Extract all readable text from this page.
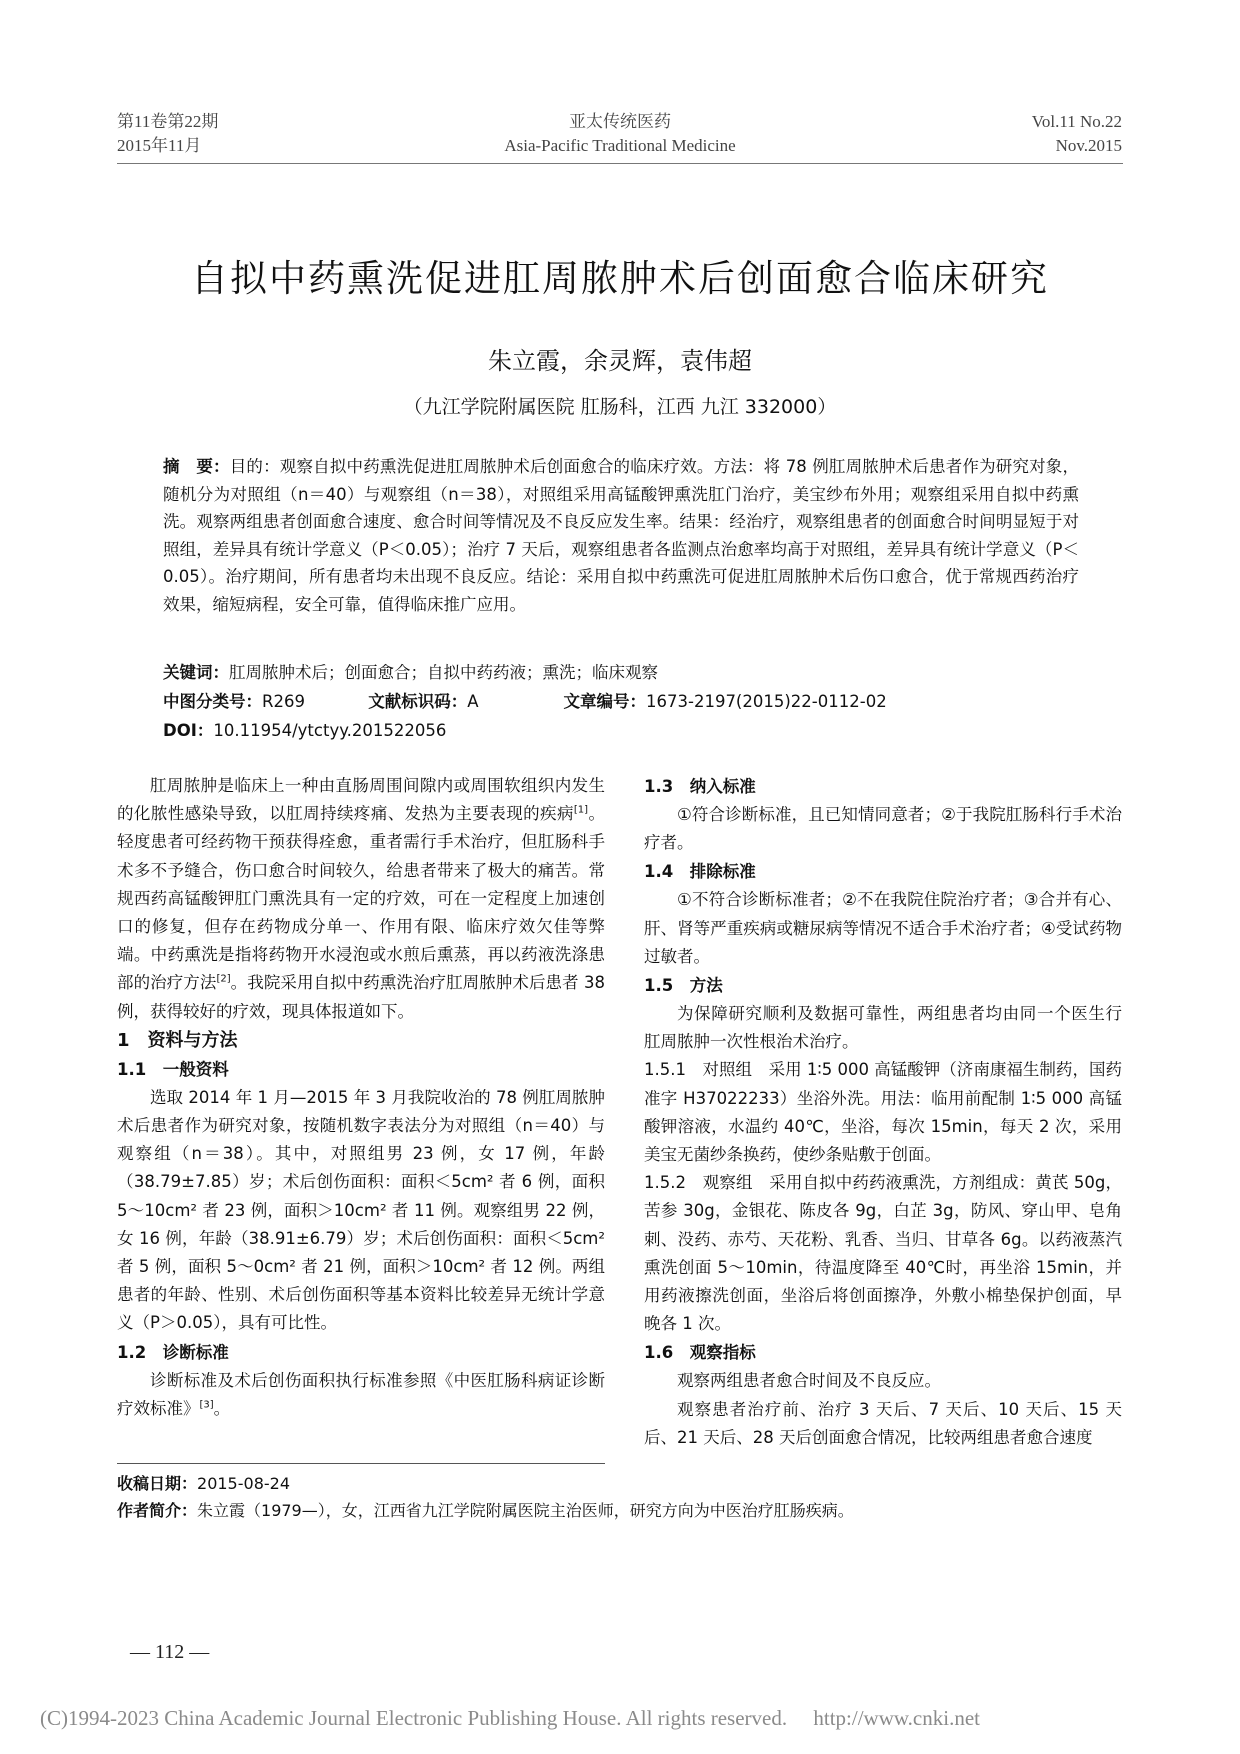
第11卷第22期
2015年11月
亚太传统医药
Asia-Pacific Traditional Medicine
Vol.11 No.22
Nov.2015
自拟中药熏洗促进肛周脓肿术后创面愈合临床研究
朱立霞，余灵辉，袁伟超
（九江学院附属医院 肛肠科，江西 九江 332000）
摘　要：目的：观察自拟中药熏洗促进肛周脓肿术后创面愈合的临床疗效。方法：将 78 例肛周脓肿术后患者作为研究对象，随机分为对照组（n＝40）与观察组（n＝38），对照组采用高锰酸钾熏洗肛门治疗，美宝纱布外用；观察组采用自拟中药熏洗。观察两组患者创面愈合速度、愈合时间等情况及不良反应发生率。结果：经治疗，观察组患者的创面愈合时间明显短于对照组，差异具有统计学意义（P＜0.05）；治疗 7 天后，观察组患者各监测点治愈率均高于对照组，差异具有统计学意义（P＜0.05）。治疗期间，所有患者均未出现不良反应。结论：采用自拟中药熏洗可促进肛周脓肿术后伤口愈合，优于常规西药治疗效果，缩短病程，安全可靠，值得临床推广应用。
关键词：肛周脓肿术后；创面愈合；自拟中药药液；熏洗；临床观察
中图分类号：R269	文献标识码：A	文章编号：1673-2197(2015)22-0112-02
DOI：10.11954/ytctyy.201522056

肛周脓肿是临床上一种由直肠周围间隙内或周围软组织内发生的化脓性感染导致，以肛周持续疼痛、发热为主要表现的疾病[1]。轻度患者可经药物干预获得痊愈，重者需行手术治疗，但肛肠科手术多不予缝合，伤口愈合时间较久，给患者带来了极大的痛苦。常规西药高锰酸钾肛门熏洗具有一定的疗效，可在一定程度上加速创口的修复，但存在药物成分单一、作用有限、临床疗效欠佳等弊端。中药熏洗是指将药物开水浸泡或水煎后熏蒸，再以药液洗涤患部的治疗方法[2]。我院采用自拟中药熏洗治疗肛周脓肿术后患者 38 例，获得较好的疗效，现具体报道如下。

1　资料与方法
1.1　一般资料

选取 2014 年 1 月—2015 年 3 月我院收治的 78 例肛周脓肿术后患者作为研究对象，按随机数字表法分为对照组（n＝40）与观察组（n＝38）。其中，对照组男 23 例，女 17 例，年龄（38.79±7.85）岁；术后创伤面积：面积＜5cm² 者 6 例，面积 5～10cm² 者 23 例，面积＞10cm² 者 11 例。观察组男 22 例，女 16 例，年龄（38.91±6.79）岁；术后创伤面积：面积＜5cm² 者 5 例，面积 5～0cm² 者 21 例，面积＞10cm² 者 12 例。两组患者的年龄、性别、术后创伤面积等基本资料比较差异无统计学意义（P＞0.05），具有可比性。

1.2　诊断标准

诊断标准及术后创伤面积执行标准参照《中医肛肠科病证诊断疗效标准》[3]。

1.3　纳入标准

①符合诊断标准，且已知情同意者；②于我院肛肠科行手术治疗者。

1.4　排除标准

①不符合诊断标准者；②不在我院住院治疗者；③合并有心、肝、肾等严重疾病或糖尿病等情况不适合手术治疗者；④受试药物过敏者。

1.5　方法

为保障研究顺利及数据可靠性，两组患者均由同一个医生行肛周脓肿一次性根治术治疗。

1.5.1　对照组　采用 1∶5 000 高锰酸钾（济南康福生制药，国药准字 H37022233）坐浴外洗。用法：临用前配制 1∶5 000 高锰酸钾溶液，水温约 40℃，坐浴，每次 15min，每天 2 次，采用美宝无菌纱条换药，使纱条贴敷于创面。

1.5.2　观察组　采用自拟中药药液熏洗，方剂组成：黄芪 50g，苦参 30g，金银花、陈皮各 9g，白芷 3g，防风、穿山甲、皂角刺、没药、赤芍、天花粉、乳香、当归、甘草各 6g。以药液蒸汽熏洗创面 5～10min，待温度降至 40℃时，再坐浴 15min，并用药液擦洗创面，坐浴后将创面擦净，外敷小棉垫保护创面，早晚各 1 次。

1.6　观察指标

观察两组患者愈合时间及不良反应。

观察患者治疗前、治疗 3 天后、7 天后、10 天后、15 天后、21 天后、28 天后创面愈合情况，比较两组患者愈合速度

收稿日期：2015-08-24
作者简介：朱立霞（1979—），女，江西省九江学院附属医院主治医师，研究方向为中医治疗肛肠疾病。
— 112 —
(C)1994-2023 China Academic Journal Electronic Publishing House. All rights reserved.　 http://www.cnki.net
